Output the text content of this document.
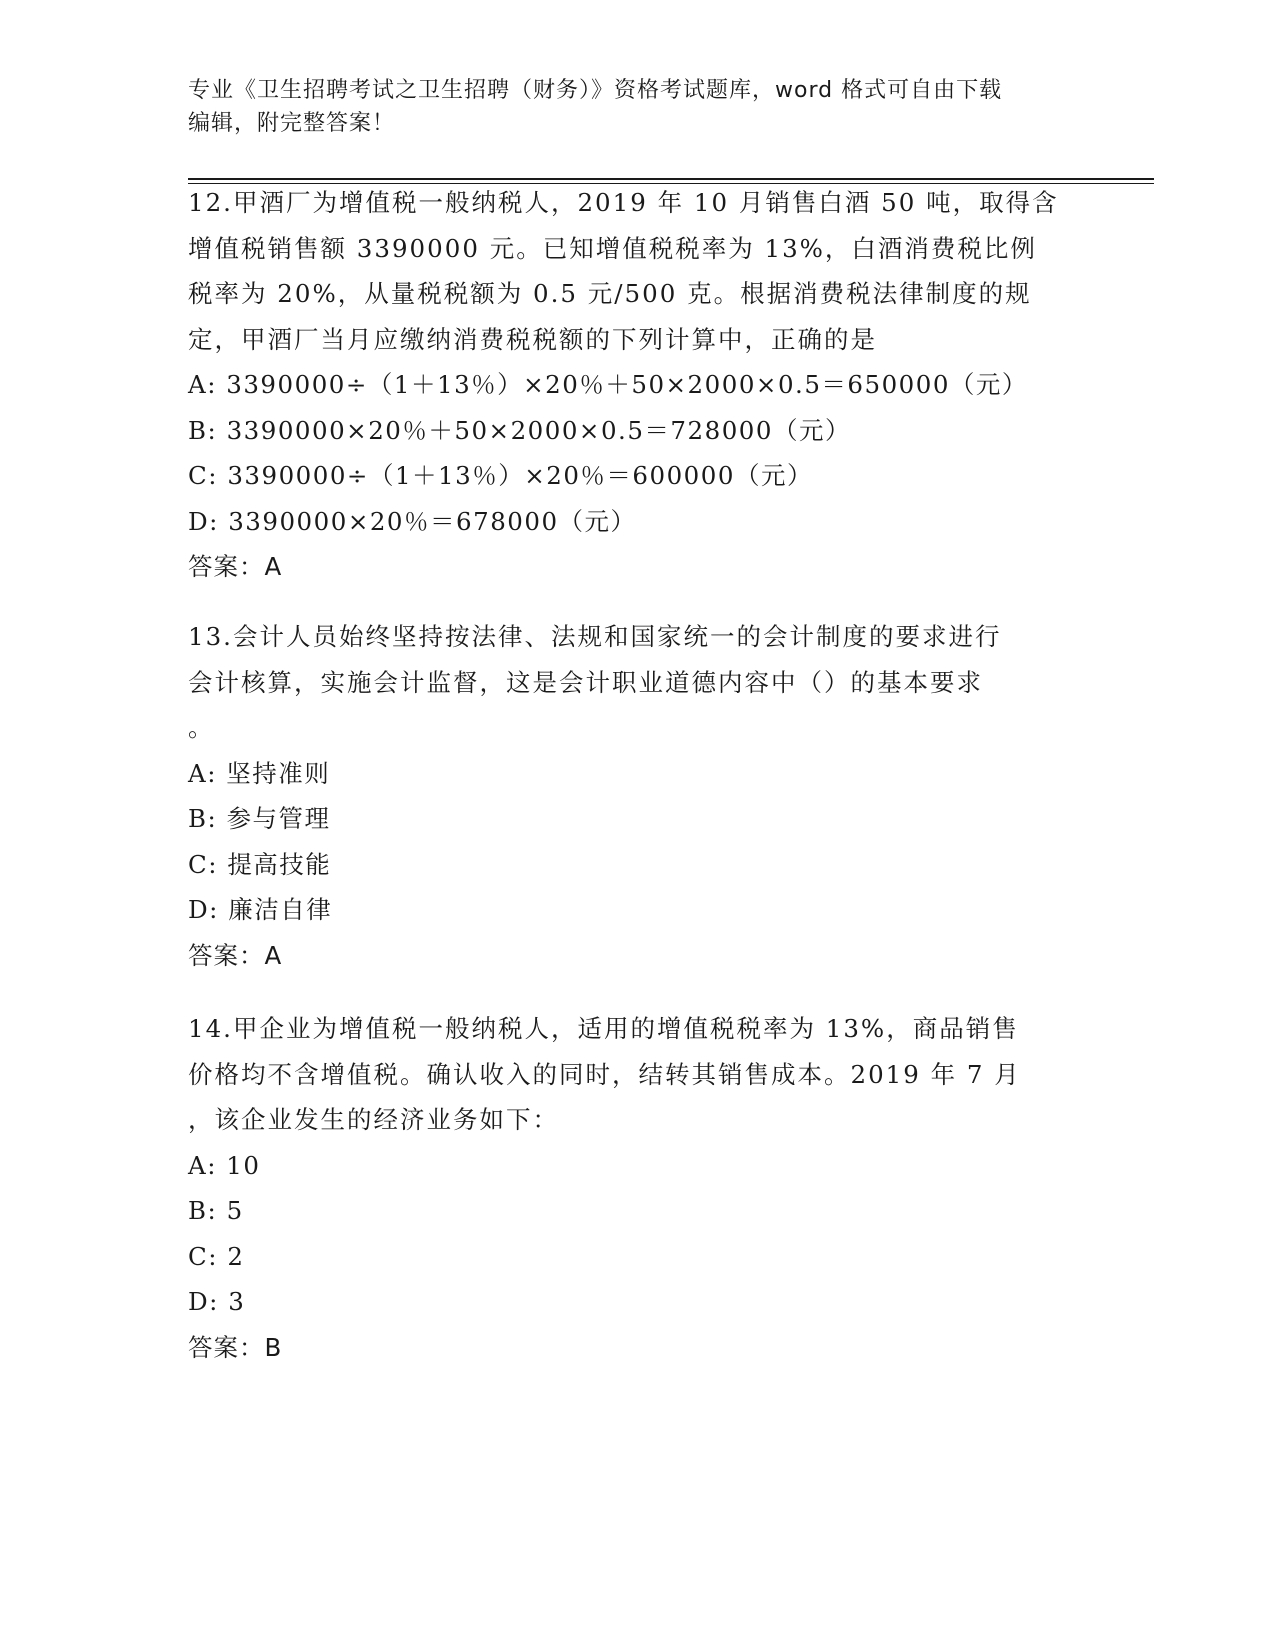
专业《卫生招聘考试之卫生招聘（财务）》资格考试题库，word 格式可自由下载
编辑，附完整答案！
12.甲酒厂为增值税一般纳税人，2019 年 10 月销售白酒 50 吨，取得含
增值税销售额 3390000 元。已知增值税税率为 13%，白酒消费税比例
税率为 20%，从量税税额为 0.5 元/500 克。根据消费税法律制度的规
定，甲酒厂当月应缴纳消费税税额的下列计算中，正确的是
A: 3390000÷（1＋13％）×20％＋50×2000×0.5＝650000（元）
B: 3390000×20％＋50×2000×0.5＝728000（元）
C: 3390000÷（1＋13％）×20％＝600000（元）
D: 3390000×20％＝678000（元）
答案：A
13.会计人员始终坚持按法律、法规和国家统一的会计制度的要求进行
会计核算，实施会计监督，这是会计职业道德内容中（）的基本要求
。
A: 坚持准则
B: 参与管理
C: 提高技能
D: 廉洁自律
答案：A
14.甲企业为增值税一般纳税人，适用的增值税税率为 13%，商品销售
价格均不含增值税。确认收入的同时，结转其销售成本。2019 年 7 月
，该企业发生的经济业务如下：
A: 10
B: 5
C: 2
D: 3
答案：B
